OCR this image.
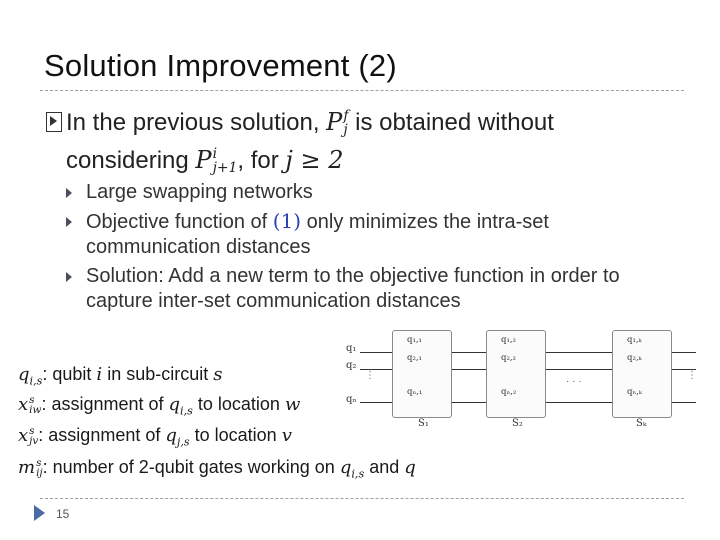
Solution Improvement (2)
In the previous solution, P f
j is obtained without
considering P i
j+1 , for j ≥ 2
Large swapping networks
Objective function of (1) only minimizes the intra-set communication distances
Solution: Add a new term to the objective function in order to capture inter-set communication distances
$q_{i,s}$: qubit i in sub-circuit s
x s
iw : assignment of $q_{i,s}$ to location w
x s
jv : assignment of $q_{j,s}$ to location v
m s
ij : number of 2-qubit gates working on $q_{i,s}$ and q
q₁
q₂
⋯
qₙ
q₁,₁
q₂,₁
qₙ,₁
S₁
q₁,₂
q₂,₂
qₙ,₂
S₂
· · ·
q₁,ₖ
q₂,ₖ
qₙ,ₖ
Sₖ
⋯
15
